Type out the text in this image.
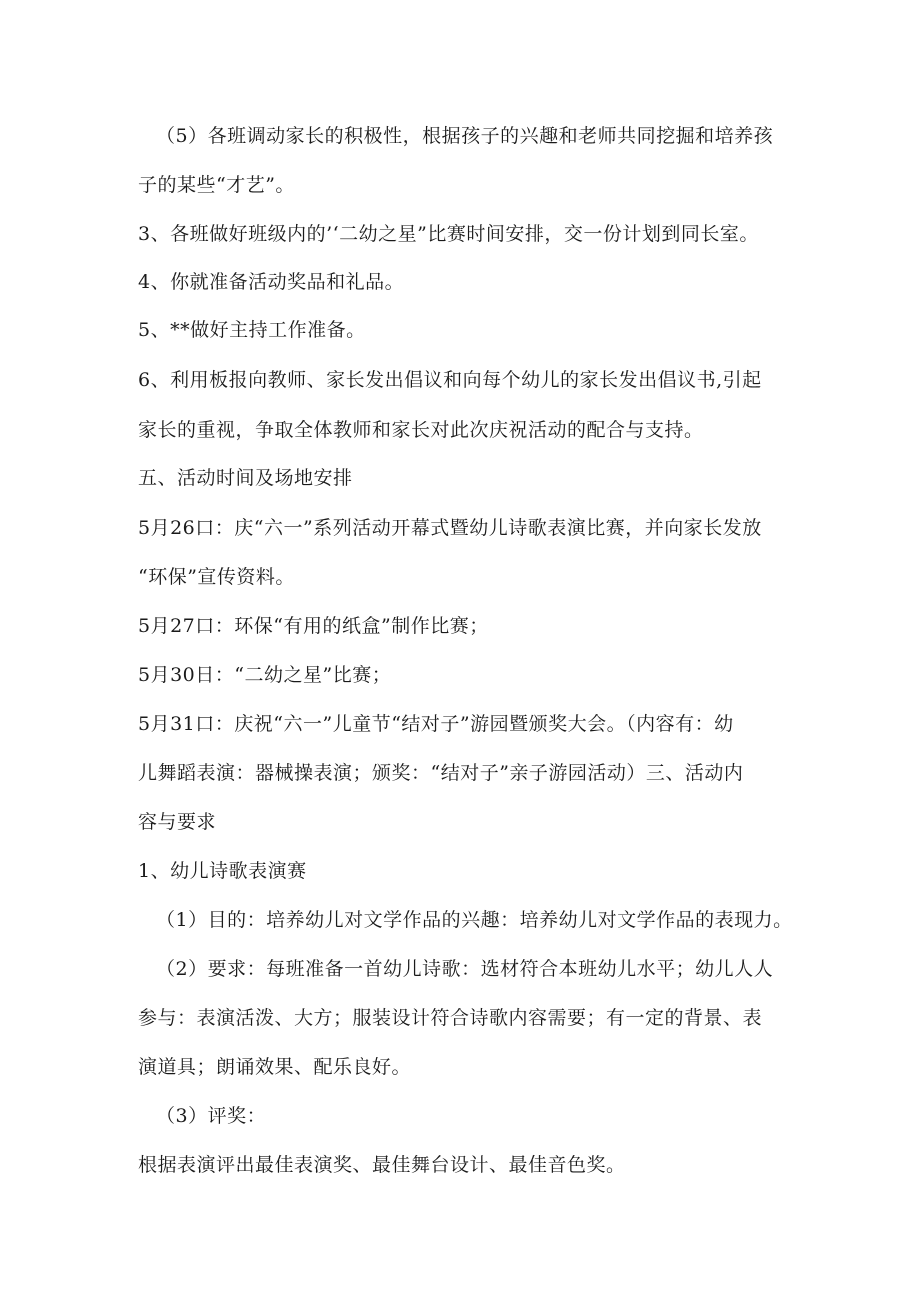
（5）各班调动家长的积极性，根据孩子的兴趣和老师共同挖掘和培养孩
子的某些“才艺”。
3、各班做好班级内的’‘二幼之星”比赛时间安排，交一份计划到同长室。
4、你就准备活动奖品和礼品。
5、**做好主持工作准备。
6、利用板报向教师、家长发出倡议和向每个幼儿的家长发出倡议书,引起
家长的重视，争取全体教师和家长对此次庆祝活动的配合与支持。
五、活动时间及场地安排
5月26口：庆“六一”系列活动开幕式暨幼儿诗歌表演比赛，并向家长发放
“环保”宣传资料。
5月27口：环保“有用的纸盒”制作比赛；
5月30日：“二幼之星”比赛；
5月31口：庆祝“六一”儿童节“结对子”游园暨颁奖大会。（内容有：幼
儿舞蹈表演：器械操表演；颁奖：“结对子”亲子游园活动）三、活动内
容与要求
1、幼儿诗歌表演赛
（1）目的：培养幼儿对文学作品的兴趣：培养幼儿对文学作品的表现力。
（2）要求：每班准备一首幼儿诗歌：选材符合本班幼儿水平；幼儿人人
参与：表演活泼、大方；服装设计符合诗歌内容需要；有一定的背景、表
演道具；朗诵效果、配乐良好。
（3）评奖：
根据表演评出最佳表演奖、最佳舞台设计、最佳音色奖。
